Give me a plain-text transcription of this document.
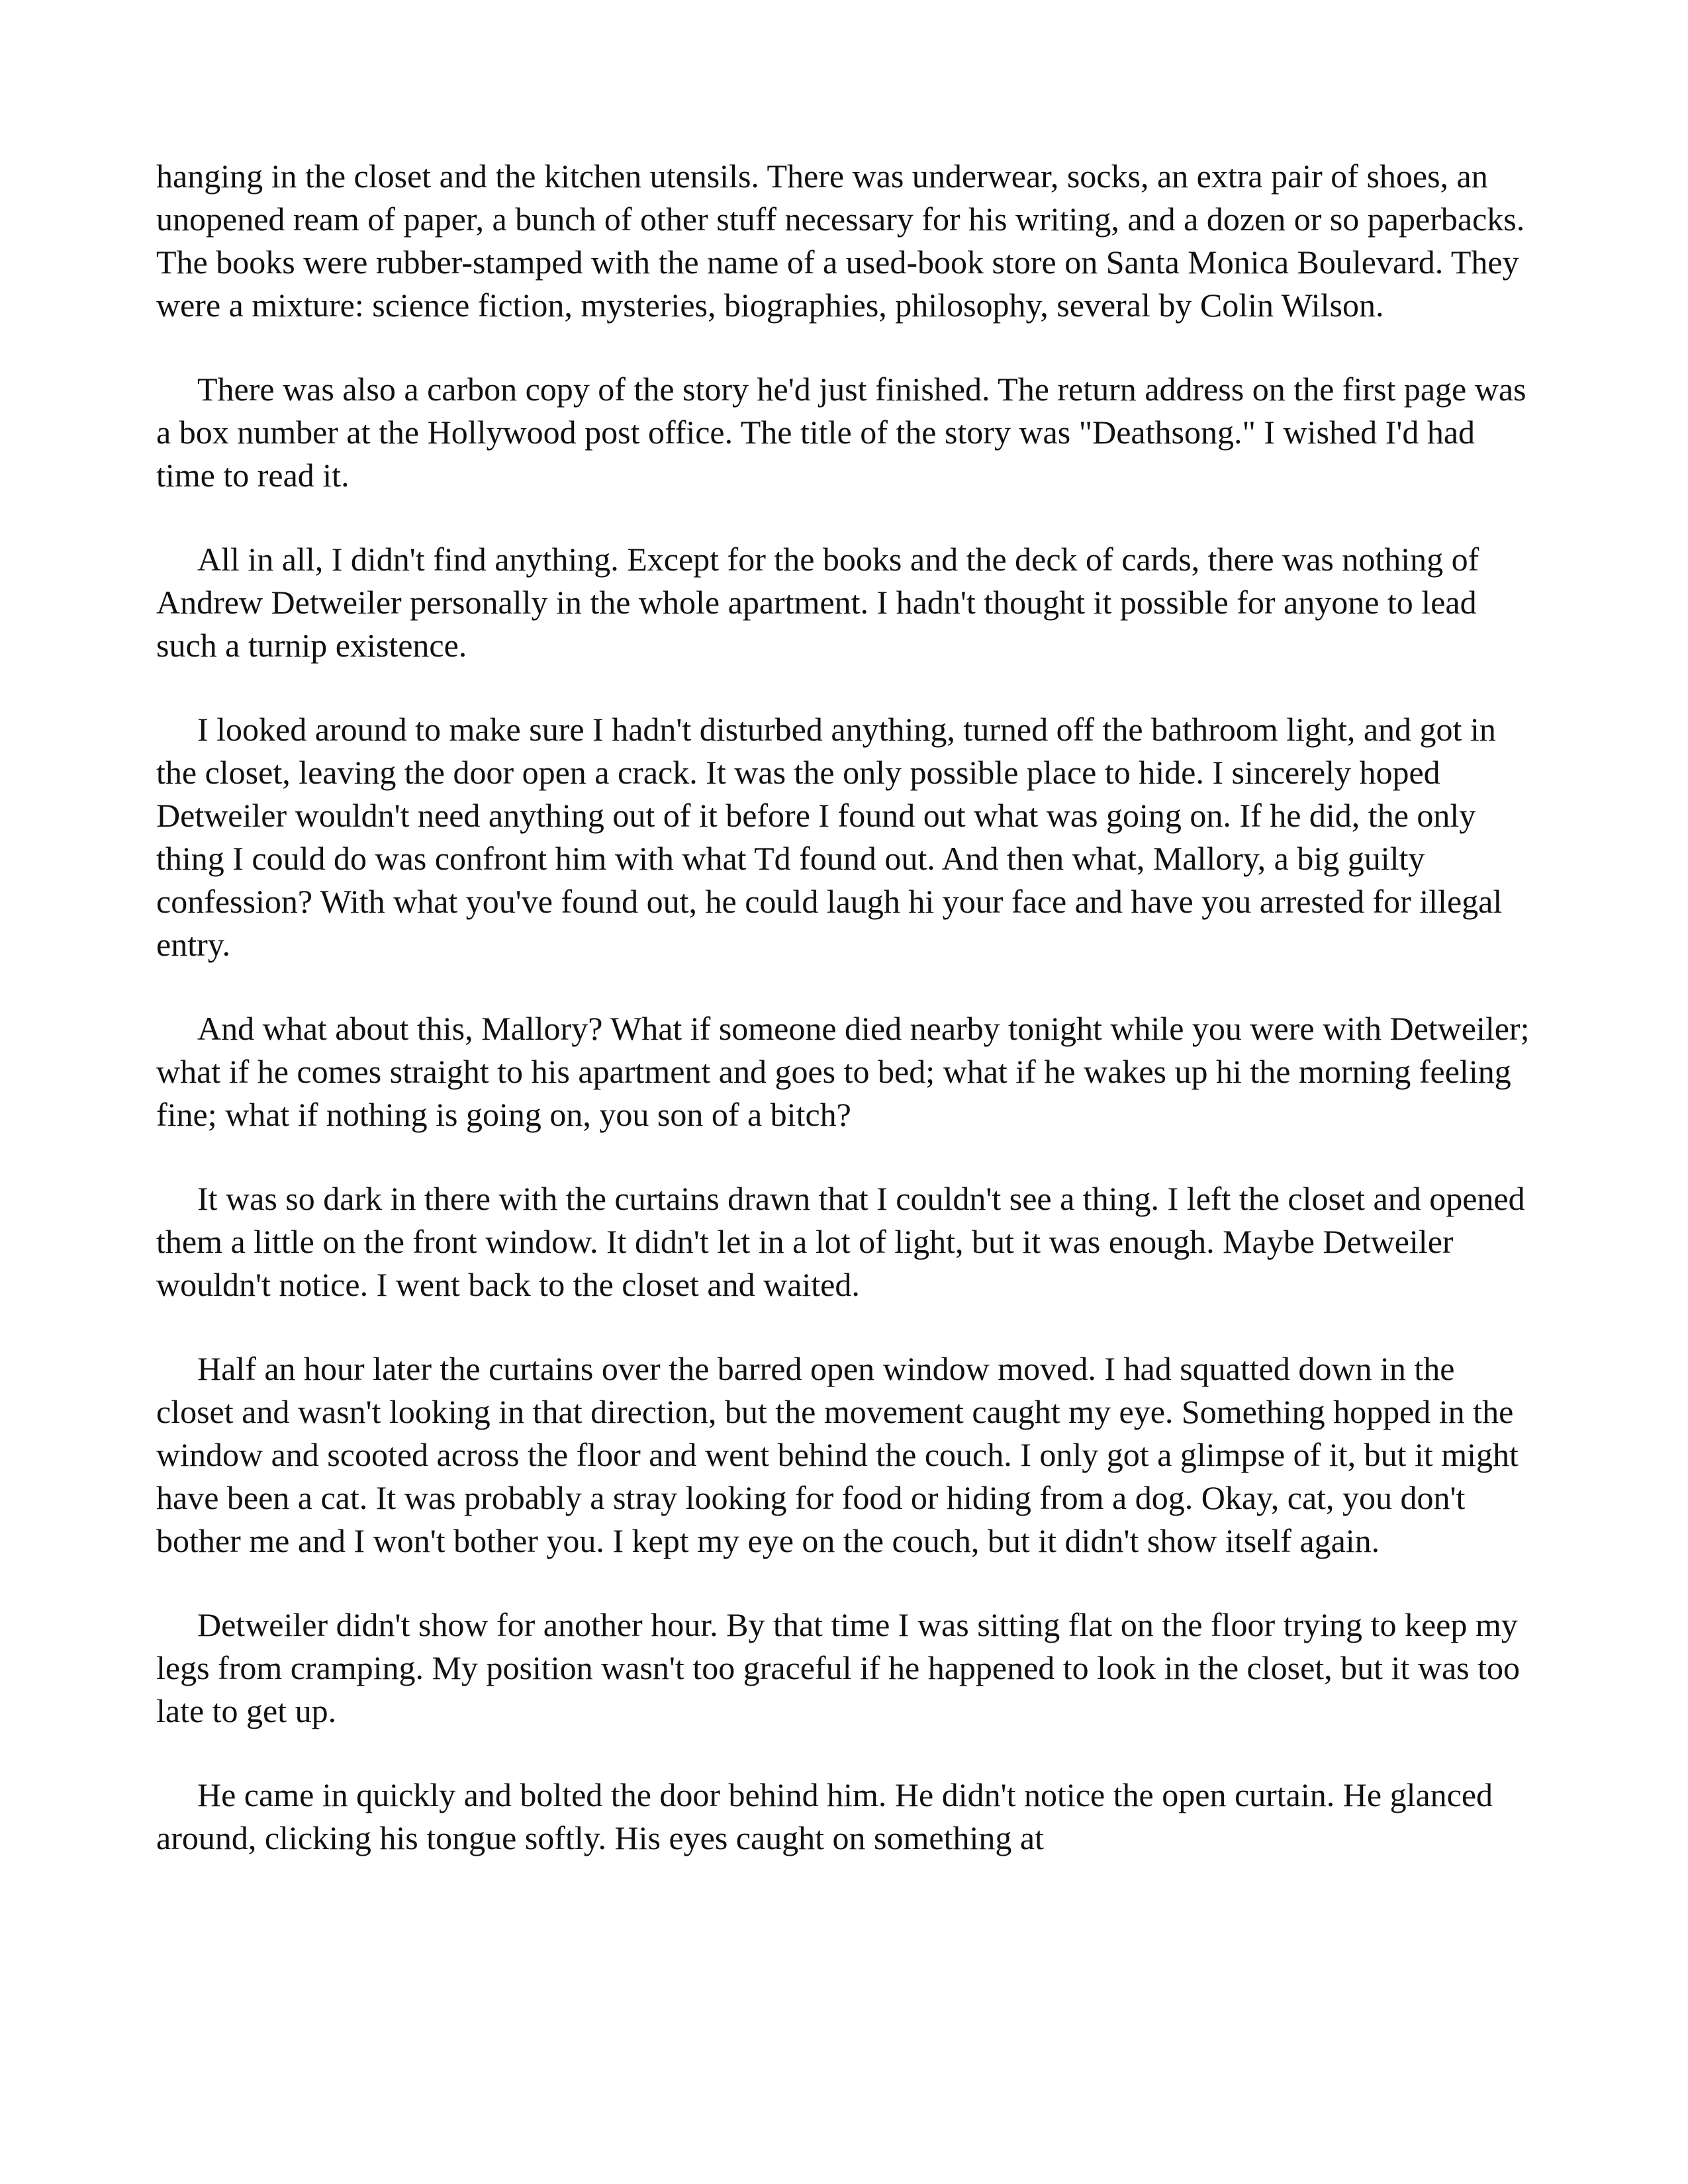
hanging in the closet and the kitchen utensils. There was underwear, socks, an extra pair of shoes, an unopened ream of paper, a bunch of other stuff necessary for his writing, and a dozen or so paperbacks. The books were rubber-stamped with the name of a used-book store on Santa Monica Boulevard. They were a mixture: science fiction, mysteries, biographies, philosophy, several by Colin Wilson.

There was also a carbon copy of the story he'd just finished. The return address on the first page was a box number at the Hollywood post office. The title of the story was "Deathsong." I wished I'd had time to read it.

All in all, I didn't find anything. Except for the books and the deck of cards, there was nothing of Andrew Detweiler personally in the whole apartment. I hadn't thought it possible for anyone to lead such a turnip existence.

I looked around to make sure I hadn't disturbed anything, turned off the bathroom light, and got in the closet, leaving the door open a crack. It was the only possible place to hide. I sincerely hoped Detweiler wouldn't need anything out of it before I found out what was going on. If he did, the only thing I could do was confront him with what Td found out. And then what, Mallory, a big guilty confession? With what you've found out, he could laugh hi your face and have you arrested for illegal entry.

And what about this, Mallory? What if someone died nearby tonight while you were with Detweiler; what if he comes straight to his apartment and goes to bed; what if he wakes up hi the morning feeling fine; what if nothing is going on, you son of a bitch?

It was so dark in there with the curtains drawn that I couldn't see a thing. I left the closet and opened them a little on the front window. It didn't let in a lot of light, but it was enough. Maybe Detweiler wouldn't notice. I went back to the closet and waited.

Half an hour later the curtains over the barred open window moved. I had squatted down in the closet and wasn't looking in that direction, but the movement caught my eye. Something hopped in the window and scooted across the floor and went behind the couch. I only got a glimpse of it, but it might have been a cat. It was probably a stray looking for food or hiding from a dog. Okay, cat, you don't bother me and I won't bother you. I kept my eye on the couch, but it didn't show itself again.

Detweiler didn't show for another hour. By that time I was sitting flat on the floor trying to keep my legs from cramping. My position wasn't too graceful if he happened to look in the closet, but it was too late to get up.

He came in quickly and bolted the door behind him. He didn't notice the open curtain. He glanced around, clicking his tongue softly. His eyes caught on something at
